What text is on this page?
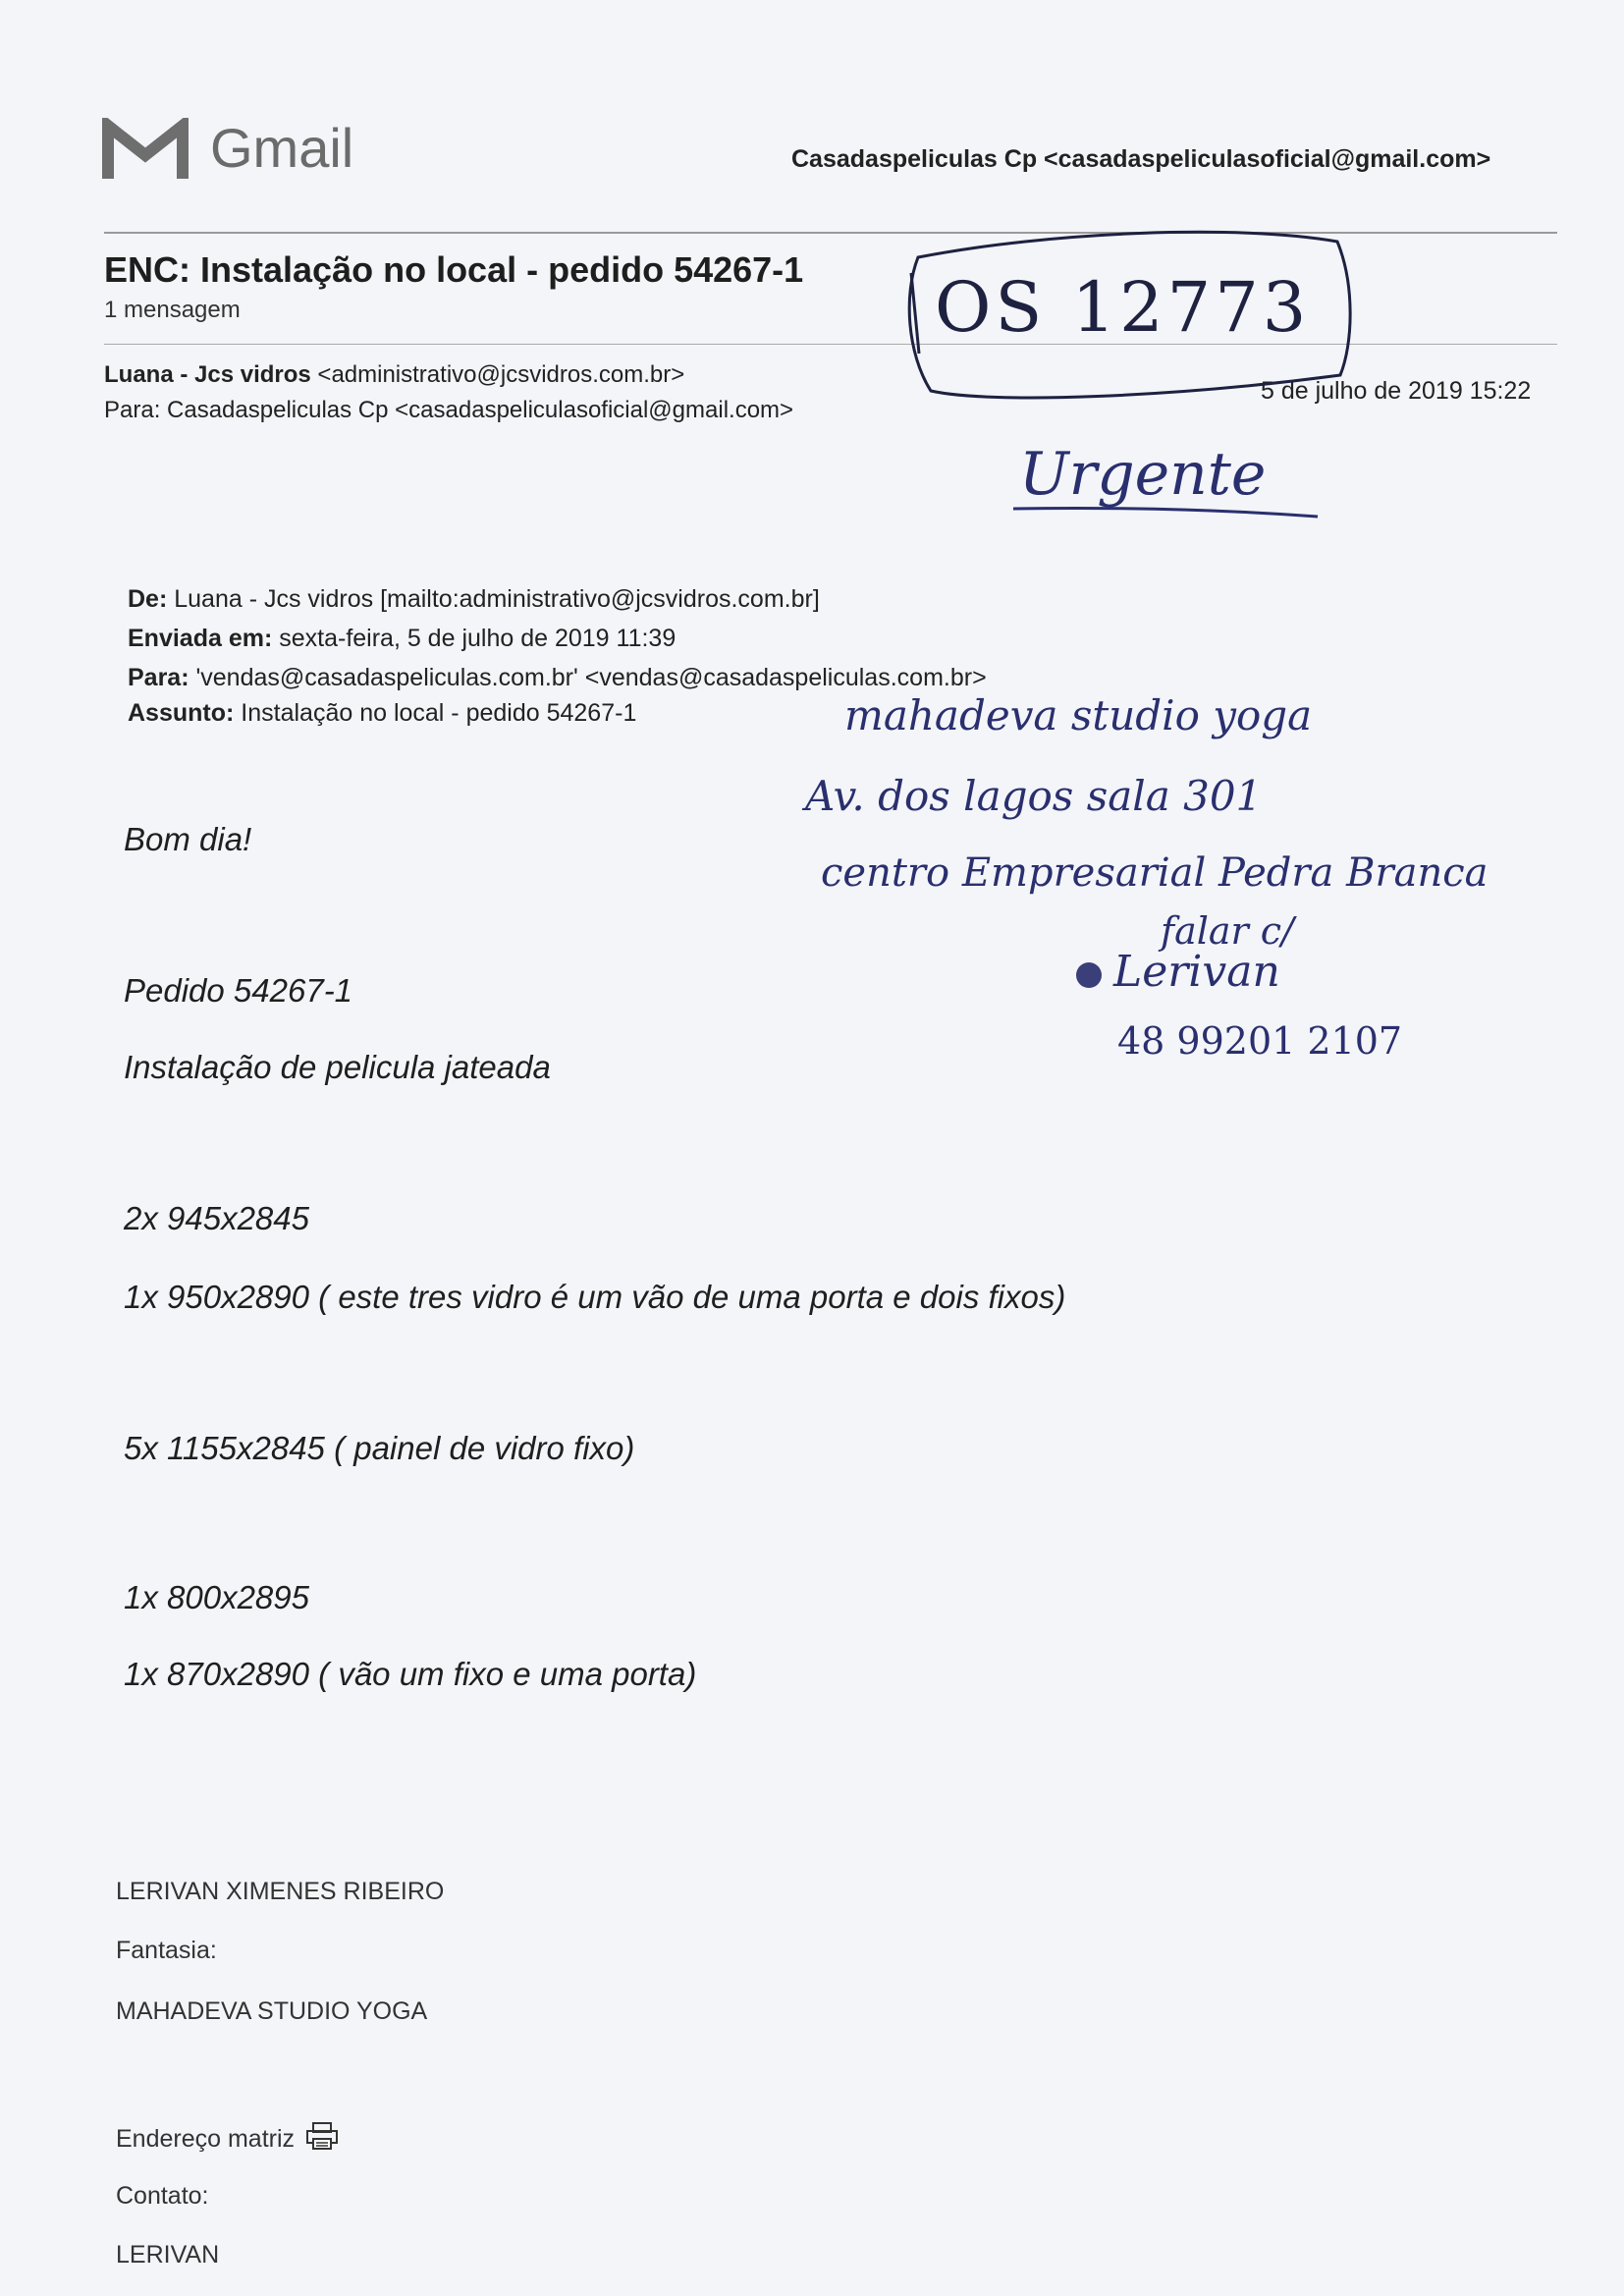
Gmail	Casadaspeliculas Cp <casadaspeliculasoficial@gmail.com>
ENC: Instalação no local - pedido 54267-1
1 mensagem
Luana - Jcs vidros <administrativo@jcsvidros.com.br>
Para: Casadaspeliculas Cp <casadaspeliculasoficial@gmail.com>
5 de julho de 2019 15:22
De: Luana - Jcs vidros [mailto:administrativo@jcsvidros.com.br]
Enviada em: sexta-feira, 5 de julho de 2019 11:39
Para: 'vendas@casadaspeliculas.com.br' <vendas@casadaspeliculas.com.br>
Assunto: Instalação no local - pedido 54267-1
Bom dia!
Pedido 54267-1
Instalação de pelicula jateada
2x 945x2845
1x 950x2890 ( este tres vidro é um vão de uma porta e dois fixos)
5x 1155x2845 ( painel de vidro fixo)
1x 800x2895
1x 870x2890 ( vão um fixo e uma porta)
LERIVAN XIMENES RIBEIRO
Fantasia:
MAHADEVA STUDIO YOGA
Endereço matriz
Contato:
LERIVAN
OS 12773
Urgente
mahadeva studio yoga
Av. dos lagos sala 301
centro Empresarial Pedra Branca
falar c/
Lerivan
48 99201 2107
